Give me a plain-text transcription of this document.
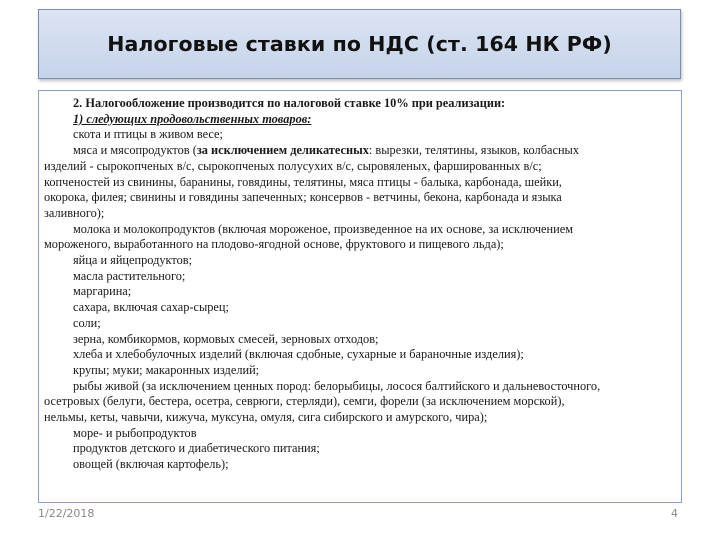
Налоговые ставки по НДС (ст. 164 НК РФ)
2. Налогообложение производится по налоговой ставке 10% при реализации:
1) следующих продовольственных товаров:
скота и птицы в живом весе;
мяса и мясопродуктов (за исключением деликатесных: вырезки, телятины, языков, колбасных
изделий - сырокопченых в/с, сырокопченых полусухих в/с, сыровяленых, фаршированных в/с;
копченостей из свинины, баранины, говядины, телятины, мяса птицы - балыка, карбонада, шейки,
окорока, филея; свинины и говядины запеченных; консервов - ветчины, бекона, карбонада и языка
заливного);
молока и молокопродуктов (включая мороженое, произведенное на их основе, за исключением
мороженого, выработанного на плодово-ягодной основе, фруктового и пищевого льда);
яйца и яйцепродуктов;
масла растительного;
маргарина;
сахара, включая сахар-сырец;
соли;
зерна, комбикормов, кормовых смесей, зерновых отходов;
хлеба и хлебобулочных изделий (включая сдобные, сухарные и бараночные изделия);
крупы; муки; макаронных изделий;
рыбы живой (за исключением ценных пород: белорыбицы, лосося балтийского и дальневосточного,
осетровых (белуги, бестера, осетра, севрюги, стерляди), семги, форели (за исключением морской),
нельмы, кеты, чавычи, кижуча, муксуна, омуля, сига сибирского и амурского, чира);
море- и рыбопродуктов
продуктов детского и диабетического питания;
овощей (включая картофель);
1/22/2018	4
